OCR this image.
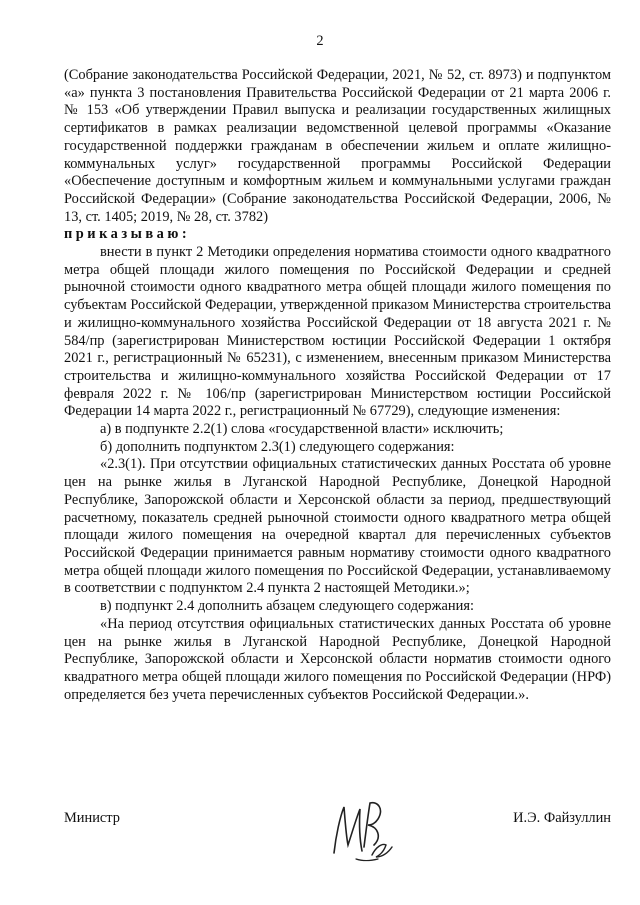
2

(Собрание законодательства Российской Федерации, 2021, № 52, ст. 8973) и подпунктом «а» пункта 3 постановления Правительства Российской Федерации от 21 марта 2006 г. № 153 «Об утверждении Правил выпуска и реализации государственных жилищных сертификатов в рамках реализации ведомственной целевой программы «Оказание государственной поддержки гражданам в обеспечении жильем и оплате жилищно-коммунальных услуг» государственной программы Российской Федерации «Обеспечение доступным и комфортным жильем и коммунальными услугами граждан Российской Федерации» (Собрание законодательства Российской Федерации, 2006, № 13, ст. 1405; 2019, № 28, ст. 3782)

приказываю:

внести в пункт 2 Методики определения норматива стоимости одного квадратного метра общей площади жилого помещения по Российской Федерации и средней рыночной стоимости одного квадратного метра общей площади жилого помещения по субъектам Российской Федерации, утвержденной приказом Министерства строительства и жилищно-коммунального хозяйства Российской Федерации от 18 августа 2021 г. № 584/пр (зарегистрирован Министерством юстиции Российской Федерации 1 октября 2021 г., регистрационный № 65231), с изменением, внесенным приказом Министерства строительства и жилищно-коммунального хозяйства Российской Федерации от 17 февраля 2022 г. № 106/пр (зарегистрирован Министерством юстиции Российской Федерации 14 марта 2022 г., регистрационный № 67729), следующие изменения:

а) в подпункте 2.2(1) слова «государственной власти» исключить;

б) дополнить подпунктом 2.3(1) следующего содержания:

«2.3(1). При отсутствии официальных статистических данных Росстата об уровне цен на рынке жилья в Луганской Народной Республике, Донецкой Народной Республике, Запорожской области и Херсонской области за период, предшествующий расчетному, показатель средней рыночной стоимости одного квадратного метра общей площади жилого помещения на очередной квартал для перечисленных субъектов Российской Федерации принимается равным нормативу стоимости одного квадратного метра общей площади жилого помещения по Российской Федерации, устанавливаемому в соответствии с подпунктом 2.4 пункта 2 настоящей Методики.»;

в) подпункт 2.4 дополнить абзацем следующего содержания:

«На период отсутствия официальных статистических данных Росстата об уровне цен на рынке жилья в Луганской Народной Республике, Донецкой Народной Республике, Запорожской области и Херсонской области норматив стоимости одного квадратного метра общей площади жилого помещения по Российской Федерации (НРФ) определяется без учета перечисленных субъектов Российской Федерации.».

Министр	И.Э. Файзуллин
